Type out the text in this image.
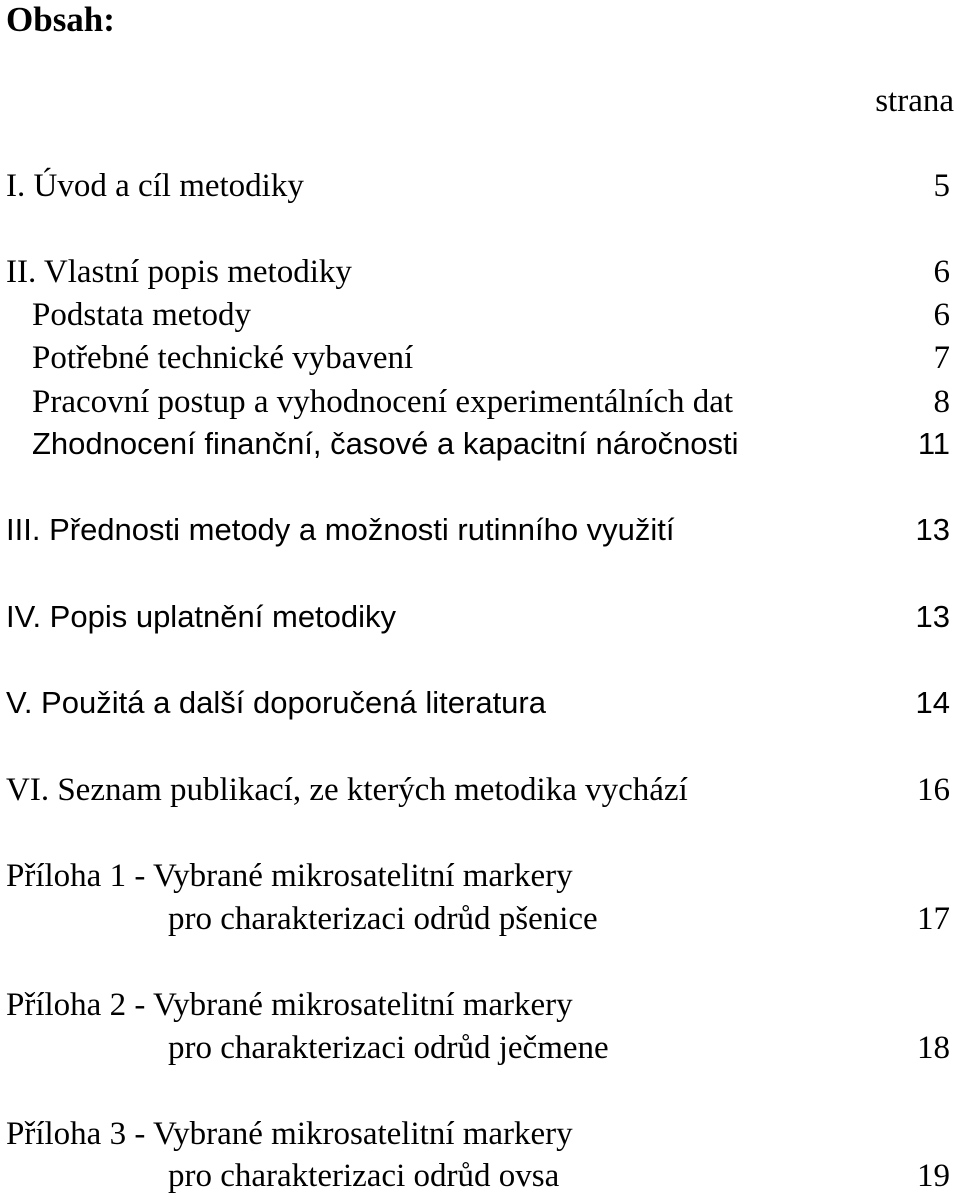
Obsah:
strana
I. Úvod a cíl metodiky	5
II. Vlastní popis metodiky	6
Podstata metody	6
Potřebné technické vybavení	7
Pracovní postup a vyhodnocení experimentálních dat	8
Zhodnocení finanční, časové a kapacitní náročnosti	11
III. Přednosti metody a možnosti rutinního využití	13
IV. Popis uplatnění metodiky	13
V. Použitá a další doporučená literatura	14
VI. Seznam publikací, ze kterých metodika vychází	16
Příloha 1 - Vybrané mikrosatelitní markery
pro charakterizaci odrůd pšenice	17
Příloha 2 - Vybrané mikrosatelitní markery
pro charakterizaci odrůd ječmene	18
Příloha 3 - Vybrané mikrosatelitní markery
pro charakterizaci odrůd ovsa	19
